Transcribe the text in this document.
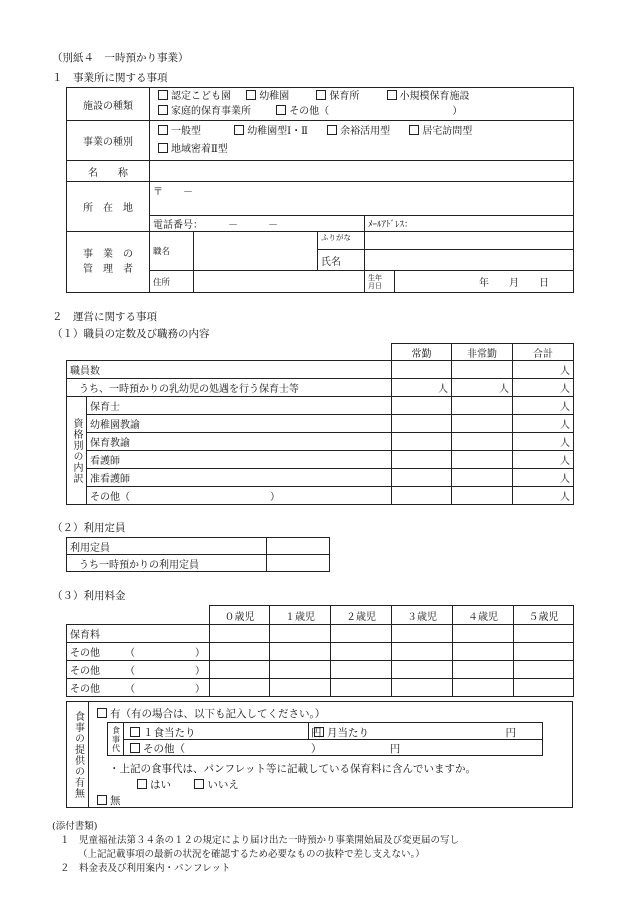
（別紙４　一時預かり事業）
１　事業所に関する事項
施設の種類	認定こども園 幼稚園 保育所 小規模保育施設
家庭的保育事業所 その他（ ）				
事業の種別	一般型 幼稚園型Ⅰ・Ⅱ 余裕活用型 居宅訪問型
地域密着Ⅱ型				
名　　称					
所　在　地	〒　　－				
	電話番号：　　　－　　　－			ﾒｰﾙｱﾄﾞﾚｽ：	
事　業　の
管　理　者	職名		ふりがな		
			氏名		
	住所			生年
月日	年　　月　　日
２　運営に関する事項
（１）職員の定数及び職務の内容
		常勤	非常勤	合計
職員数				人
うち、一時預かりの乳幼児の処遇を行う保育士等		人	人	人
資格別の内訳	保育士			人
	幼稚園教諭			人
	保育教諭			人
	看護師			人
	准看護師			人
	その他（　　　　　　　　　　　　　　）			人
（２）利用定員
利用定員	
うち一時預かりの利用定員	
（３）利用料金
	０歳児	１歳児	２歳児	３歳児	４歳児	５歳児
保育料						
その他　　　（　　　　　　）						
その他　　　（　　　　　　）						
その他　　　（　　　　　　）						
食事の提供の有無	有（有の場合は、以下も記入してください。）
食事代	１食当たり　　　　　　　　　　　円 月当たり　　　　　　　　　　　　　円
その他（　　　　　　　　　　　　）　　　　　　　円
・上記の食事代は、パンフレット等に記載している保育料に含んでいますか。
はい	いいえ
無
(添付書類)
１　児童福祉法第３４条の１２の規定により届け出た一時預かり事業開始届及び変更届の写し
（上記記載事項の最新の状況を確認するため必要なものの抜粋で差し支えない。）
２　料金表及び利用案内・パンフレット
